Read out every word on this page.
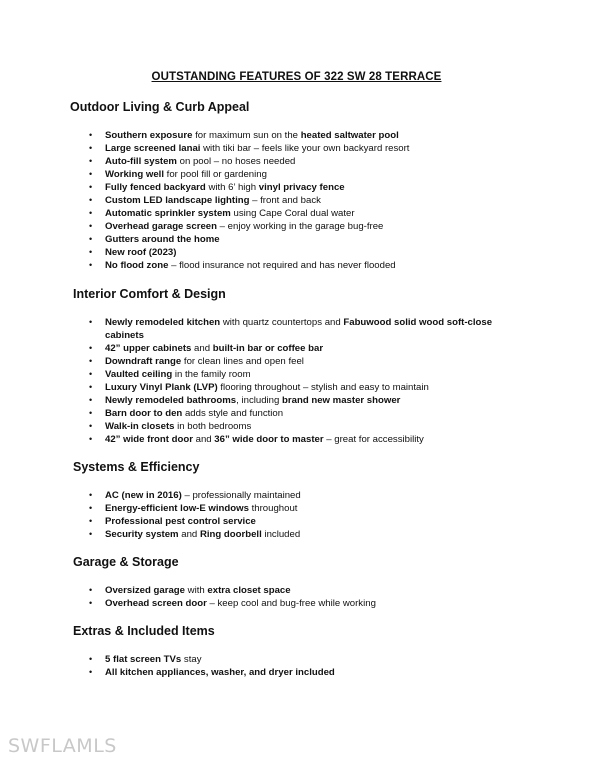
OUTSTANDING FEATURES OF 322 SW 28 TERRACE
Outdoor Living & Curb Appeal
• Southern exposure for maximum sun on the heated saltwater pool
• Large screened lanai with tiki bar – feels like your own backyard resort
• Auto-fill system on pool – no hoses needed
• Working well for pool fill or gardening
• Fully fenced backyard with 6’ high vinyl privacy fence
• Custom LED landscape lighting – front and back
• Automatic sprinkler system using Cape Coral dual water
• Overhead garage screen – enjoy working in the garage bug-free
• Gutters around the home
• New roof (2023)
• No flood zone – flood insurance not required and has never flooded
Interior Comfort & Design
• Newly remodeled kitchen with quartz countertops and Fabuwood solid wood soft-close cabinets
• 42” upper cabinets and built-in bar or coffee bar
• Downdraft range for clean lines and open feel
• Vaulted ceiling in the family room
• Luxury Vinyl Plank (LVP) flooring throughout – stylish and easy to maintain
• Newly remodeled bathrooms, including brand new master shower
• Barn door to den adds style and function
• Walk-in closets in both bedrooms
• 42” wide front door and 36” wide door to master – great for accessibility
Systems & Efficiency
• AC (new in 2016) – professionally maintained
• Energy-efficient low-E windows throughout
• Professional pest control service
• Security system and Ring doorbell included
Garage & Storage
• Oversized garage with extra closet space
• Overhead screen door – keep cool and bug-free while working
Extras & Included Items
• 5 flat screen TVs stay
• All kitchen appliances, washer, and dryer included
SWFLAMLS
